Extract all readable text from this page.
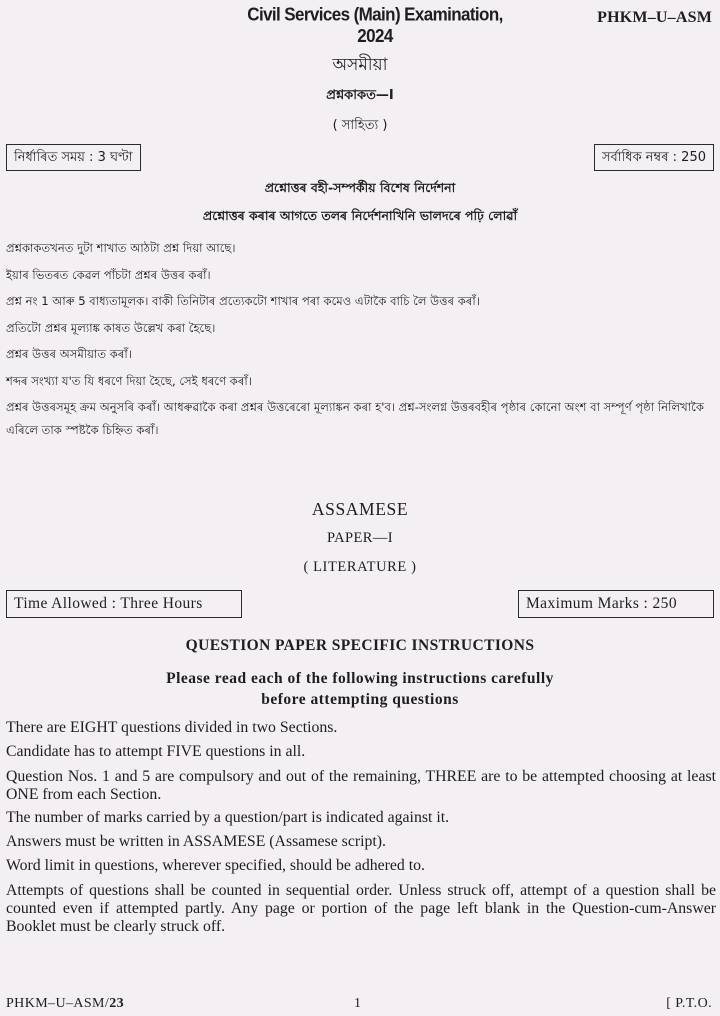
Civil Services (Main) Examination, 2024
PHKM–U–ASM
অসমীয়া
প্ৰশ্নকাকত—I
( সাহিত্য )
নিৰ্ধাৰিত সময় : 3 ঘণ্টা	সৰ্বাধিক নম্বৰ : 250
প্ৰশ্নোত্তৰ বহী-সম্পৰ্কীয় বিশেষ নিৰ্দেশনা
প্ৰশ্নোত্তৰ কৰাৰ আগতে তলৰ নিৰ্দেশনাখিনি ভালদৰে পঢ়ি লোৱাঁ
প্ৰশ্নকাকতখনত দুটা শাখাত আঠটা প্ৰশ্ন দিয়া আছে।
ইয়াৰ ভিতৰত কেৱল পাঁচটা প্ৰশ্নৰ উত্তৰ কৰাঁ।
প্ৰশ্ন নং 1 আৰু 5 বাধ্যতামূলক। বাকী তিনিটাৰ প্ৰত্যেকটো শাখাৰ পৰা কমেও এটাকৈ বাচি লৈ উত্তৰ কৰাঁ।
প্ৰতিটো প্ৰশ্নৰ মূল্যাঙ্ক কাষত উল্লেখ কৰা হৈছে।
প্ৰশ্নৰ উত্তৰ অসমীয়াত কৰাঁ।
শব্দৰ সংখ্যা য'ত যি ধৰণে দিয়া হৈছে, সেই ধৰণে কৰাঁ।
প্ৰশ্নৰ উত্তৰসমূহ ক্ৰম অনুসৰি কৰাঁ। আধৰুৱাকৈ কৰা প্ৰশ্নৰ উত্তৰেৰো মূল্যাঙ্কন কৰা হ'ব। প্ৰশ্ন-সংলগ্ন উত্তৰবহীৰ পৃষ্ঠাৰ কোনো অংশ বা সম্পূৰ্ণ পৃষ্ঠা নিলিখাকৈ এৰিলে তাক স্পষ্টকৈ চিহ্নিত কৰাঁ।
ASSAMESE
PAPER—I
( LITERATURE )
Time Allowed : Three Hours	Maximum Marks : 250
QUESTION PAPER SPECIFIC INSTRUCTIONS
Please read each of the following instructions carefully
before attempting questions
There are EIGHT questions divided in two Sections.
Candidate has to attempt FIVE questions in all.
Question Nos. 1 and 5 are compulsory and out of the remaining, THREE are to be attempted choosing at least ONE from each Section.
The number of marks carried by a question/part is indicated against it.
Answers must be written in ASSAMESE (Assamese script).
Word limit in questions, wherever specified, should be adhered to.
Attempts of questions shall be counted in sequential order. Unless struck off, attempt of a question shall be counted even if attempted partly. Any page or portion of the page left blank in the Question-cum-Answer Booklet must be clearly struck off.
PHKM–U–ASM/23	1	[ P.T.O.
